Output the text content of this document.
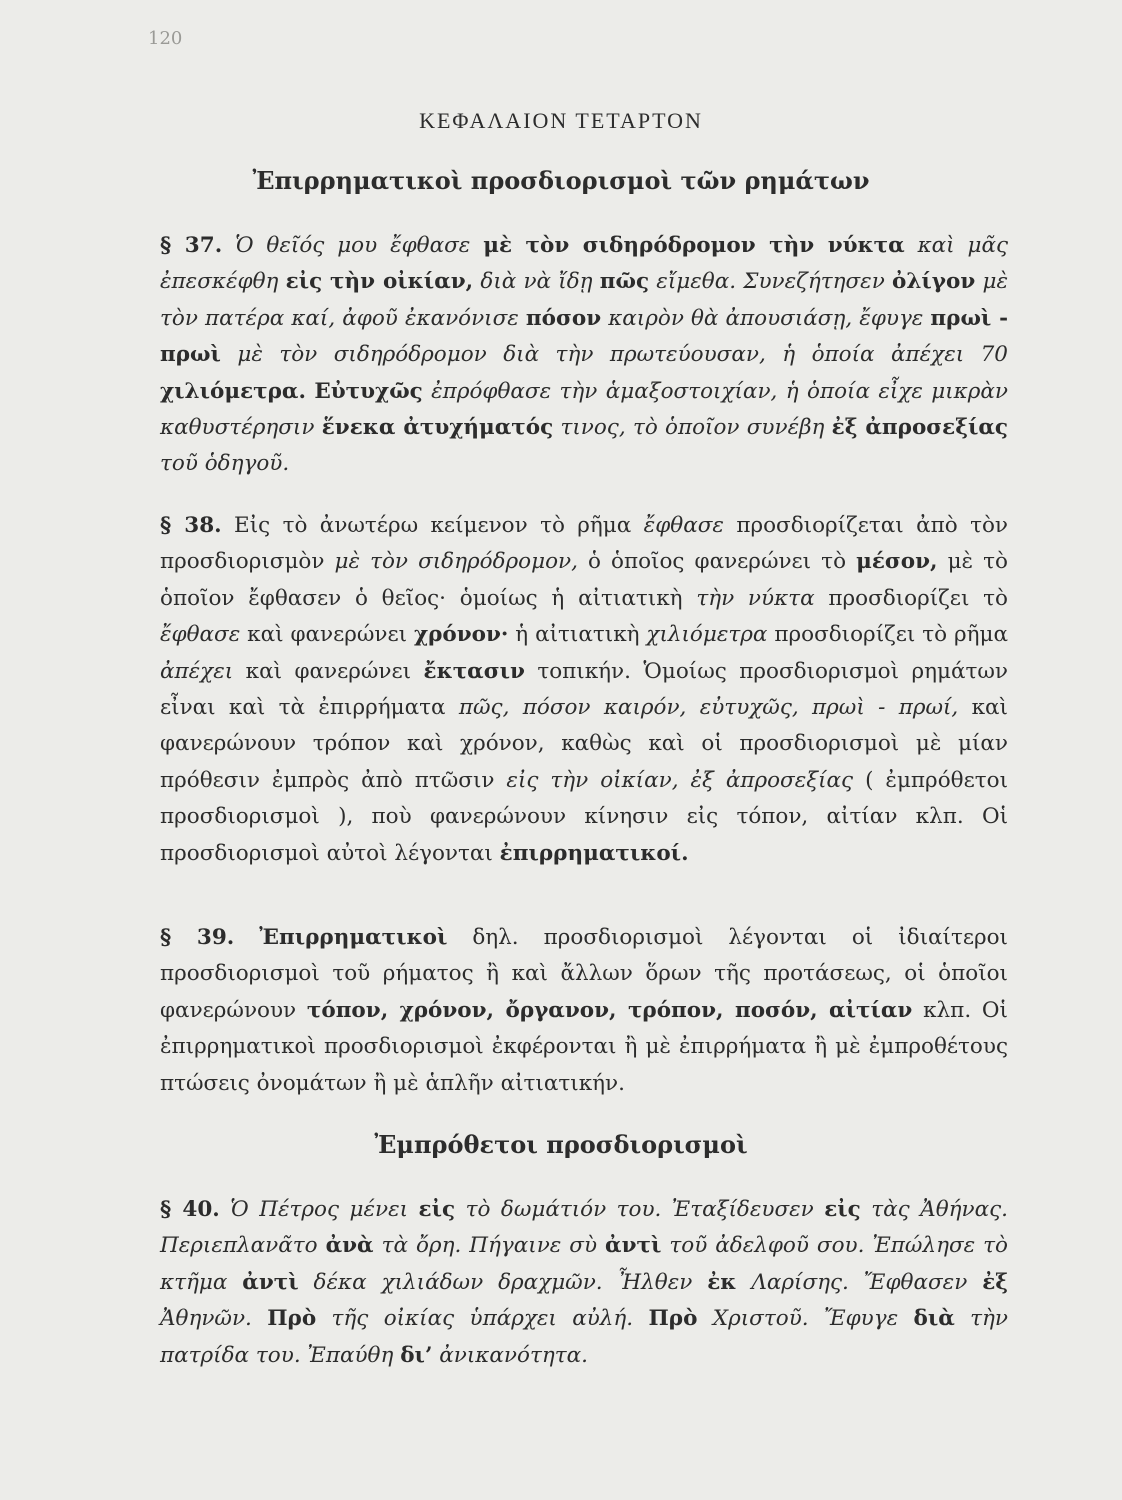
120
ΚΕΦΑΛΑΙΟΝ ΤΕΤΑΡΤΟΝ
Ἐπιρρηματικοὶ προσδιορισμοὶ τῶν ρημάτων
§ 37. Ὁ θεῖός μου ἔφθασε μὲ τὸν σιδηρόδρομον τὴν νύκτα καὶ μᾶς ἐπεσκέφθη εἰς τὴν οἰκίαν, διὰ νὰ ἴδῃ πῶς εἴμεθα. Συνεζήτησεν ὀλίγον μὲ τὸν πατέρα καί, ἀφοῦ ἐκανόνισε πόσον καιρὸν θὰ ἀπουσιάσῃ, ἔφυγε πρωὶ - πρωὶ μὲ τὸν σιδηρόδρομον διὰ τὴν πρωτεύουσαν, ἡ ὁποία ἀπέχει 70 χιλιόμετρα. Εὐτυχῶς ἐπρόφθασε τὴν ἁμαξοστοιχίαν, ἡ ὁποία εἶχε μικρὰν καθυστέρησιν ἕνεκα ἀτυχήματός τινος, τὸ ὁποῖον συνέβη ἐξ ἀπροσεξίας τοῦ ὁδηγοῦ.
§ 38. Εἰς τὸ ἀνωτέρω κείμενον τὸ ρῆμα ἔφθασε προσδιορίζεται ἀπὸ τὸν προσδιορισμὸν μὲ τὸν σιδηρόδρομον, ὁ ὁποῖος φανερώνει τὸ μέσον, μὲ τὸ ὁποῖον ἔφθασεν ὁ θεῖος· ὁμοίως ἡ αἰτιατικὴ τὴν νύκτα προσδιορίζει τὸ ἔφθασε καὶ φανερώνει χρόνον· ἡ αἰτιατικὴ χιλιόμετρα προσδιορίζει τὸ ρῆμα ἀπέχει καὶ φανερώνει ἔκτασιν τοπικήν. Ὁμοίως προσδιορισμοὶ ρημάτων εἶναι καὶ τὰ ἐπιρρήματα πῶς, πόσον καιρόν, εὐτυχῶς, πρωὶ - πρωί, καὶ φανερώνουν τρόπον καὶ χρόνον, καθὼς καὶ οἱ προσδιορισμοὶ μὲ μίαν πρόθεσιν ἐμπρὸς ἀπὸ πτῶσιν εἰς τὴν οἰκίαν, ἐξ ἀπροσεξίας ( ἐμπρόθετοι προσδιορισμοὶ ), ποὺ φανερώνουν κίνησιν εἰς τόπον, αἰτίαν κλπ. Οἱ προσδιορισμοὶ αὐτοὶ λέγονται ἐπιρρηματικοί.
§ 39. Ἐπιρρηματικοὶ δηλ. προσδιορισμοὶ λέγονται οἱ ἰδιαίτεροι προσδιορισμοὶ τοῦ ρήματος ἢ καὶ ἄλλων ὅρων τῆς προτάσεως, οἱ ὁποῖοι φανερώνουν τόπον, χρόνον, ὄργανον, τρόπον, ποσόν, αἰτίαν κλπ. Οἱ ἐπιρρηματικοὶ προσδιορισμοὶ ἐκφέρονται ἢ μὲ ἐπιρρήματα ἢ μὲ ἐμπροθέτους πτώσεις ὀνομάτων ἢ μὲ ἁπλῆν αἰτιατικήν.
Ἐμπρόθετοι προσδιορισμοὶ
§ 40. Ὁ Πέτρος μένει εἰς τὸ δωμάτιόν του. Ἐταξίδευσεν εἰς τὰς Ἀθήνας. Περιεπλανᾶτο ἀνὰ τὰ ὄρη. Πήγαινε σὺ ἀντὶ τοῦ ἀδελφοῦ σου. Ἐπώλησε τὸ κτῆμα ἀντὶ δέκα χιλιάδων δραχμῶν. Ἦλθεν ἐκ Λαρίσης. Ἔφθασεν ἐξ Ἀθηνῶν. Πρὸ τῆς οἰκίας ὑπάρχει αὐλή. Πρὸ Χριστοῦ. Ἔφυγε διὰ τὴν πατρίδα του. Ἐπαύθη δι’ ἀνικανότητα.
